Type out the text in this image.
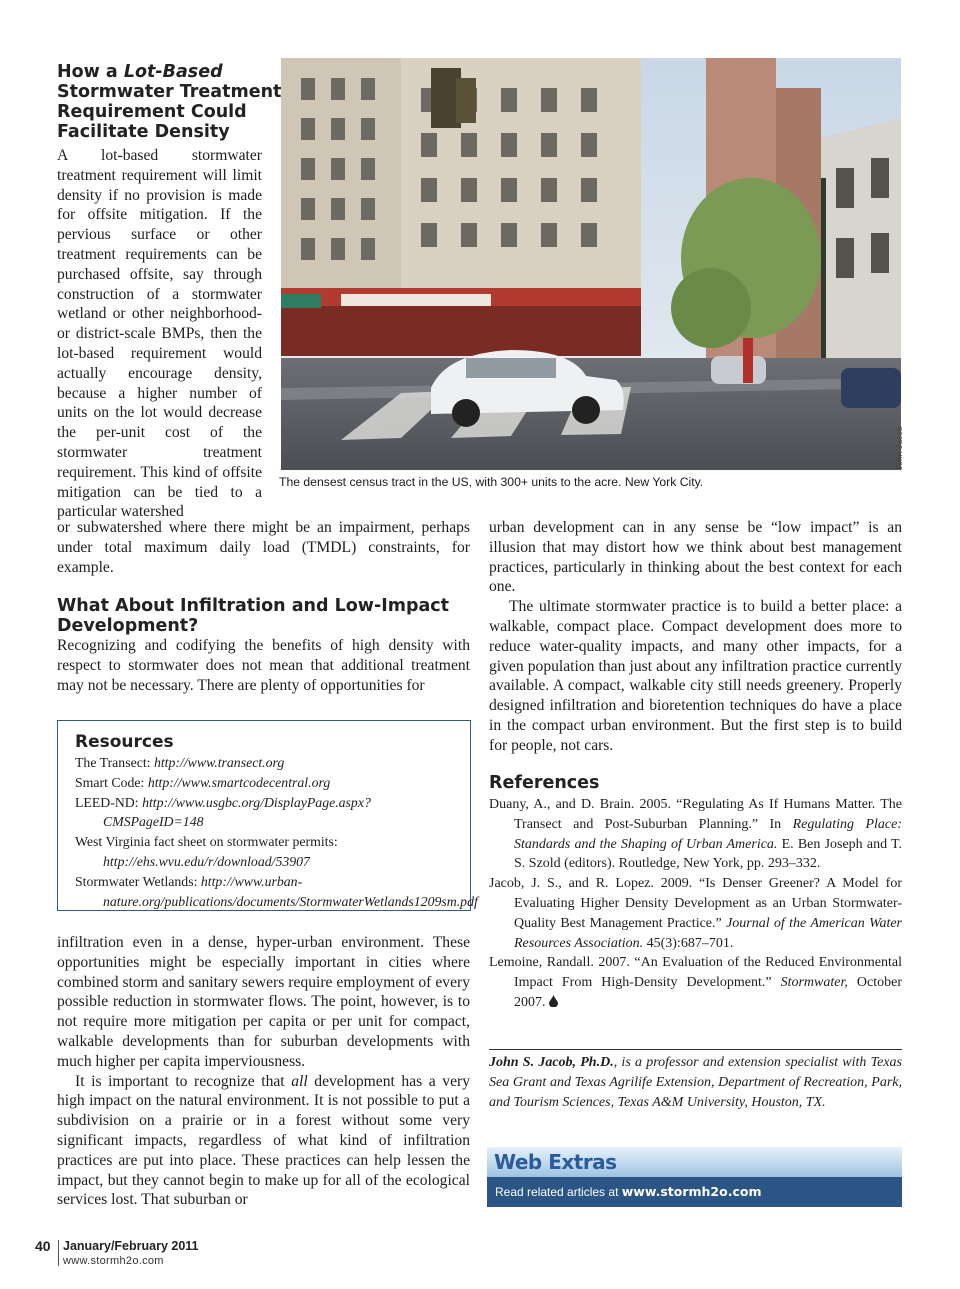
How a Lot-Based
Stormwater Treatment Requirement Could Facilitate Density

A lot-based stormwater treatment requirement will limit density if no provision is made for offsite mitigation. If the pervious surface or other treatment requirements can be purchased offsite, say through construction of a stormwater wetland or other neighborhood- or district-scale BMPs, then the lot-based requirement would actually encourage density, because a higher number of units on the lot would decrease the per-unit cost of the stormwater treatment requirement. This kind of offsite mitigation can be tied to a particular watershed

or subwatershed where there might be an impairment, perhaps under total maximum daily load (TMDL) constraints, for example.

John Jacob
The densest census tract in the US, with 300+ units to the acre. New York City.
What About Infiltration and Low-Impact Development?

Recognizing and codifying the benefits of high density with respect to stormwater does not mean that additional treatment may not be necessary. There are plenty of opportunities for

Resources
The Transect: http://www.transect.org
Smart Code: http://www.smartcodecentral.org
LEED-ND: http://www.usgbc.org/DisplayPage.aspx?CMSPageID=148
West Virginia fact sheet on stormwater permits: http://ehs.wvu.edu/r/download/53907
Stormwater Wetlands: http://www.urban-nature.org/publications/documents/StormwaterWetlands1209sm.pdf

infiltration even in a dense, hyper-urban environment. These opportunities might be especially important in cities where combined storm and sanitary sewers require employment of every possible reduction in stormwater flows. The point, however, is to not require more mitigation per capita or per unit for compact, walkable developments than for suburban developments with much higher per capita imperviousness.

It is important to recognize that all development has a very high impact on the natural environment. It is not possible to put a subdivision on a prairie or in a forest without some very significant impacts, regardless of what kind of infiltration practices are put into place. These practices can help lessen the impact, but they cannot begin to make up for all of the ecological services lost. That suburban or

urban development can in any sense be “low impact” is an illusion that may distort how we think about best management practices, particularly in thinking about the best context for each one.

The ultimate stormwater practice is to build a better place: a walkable, compact place. Compact development does more to reduce water-quality impacts, and many other impacts, for a given population than just about any infiltration practice currently available. A compact, walkable city still needs greenery. Properly designed infiltration and bioretention techniques do have a place in the compact urban environment. But the first step is to build for people, not cars.

References

Duany, A., and D. Brain. 2005. “Regulating As If Humans Matter. The Transect and Post-Suburban Planning.” In Regulating Place: Standards and the Shaping of Urban America. E. Ben Joseph and T. S. Szold (editors). Routledge, New York, pp. 293–332.

Jacob, J. S., and R. Lopez. 2009. “Is Denser Greener? A Model for Evaluating Higher Density Development as an Urban Stormwater-Quality Best Management Practice.” Journal of the American Water Resources Association. 45(3):687–701.

Lemoine, Randall. 2007. “An Evaluation of the Reduced Environmental Impact From High-Density Development.” Stormwater, October 2007.

John S. Jacob, Ph.D., is a professor and extension specialist with Texas Sea Grant and Texas Agrilife Extension, Department of Recreation, Park, and Tourism Sciences, Texas A&M University, Houston, TX.

Web Extras
Read related articles at www.stormh2o.com
40 January/February 2011
www.stormh2o.com
